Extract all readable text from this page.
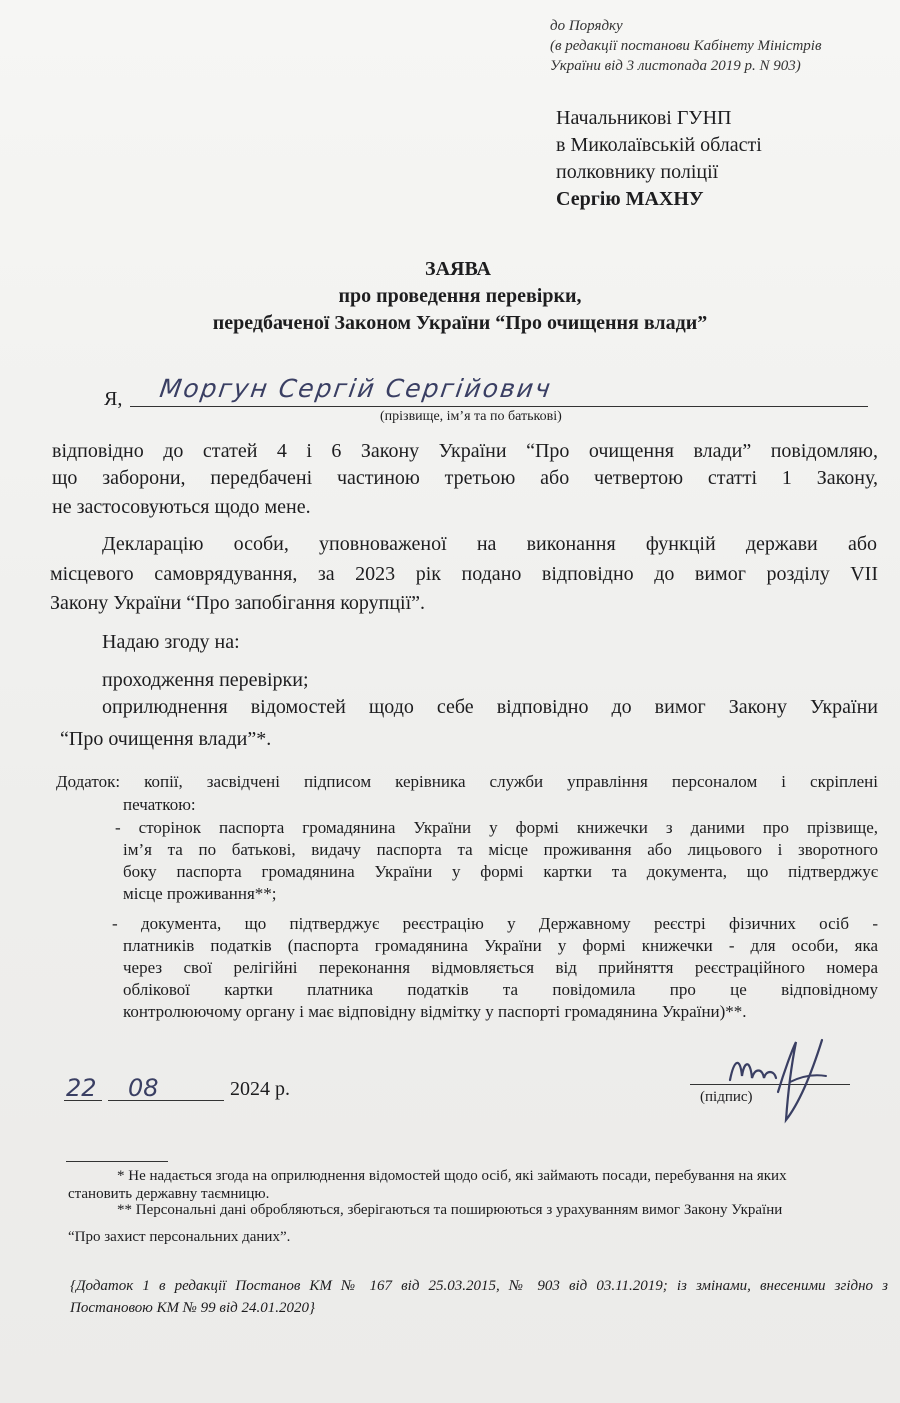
до Порядку
(в редакції постанови Кабінету Міністрів
України від 3 листопада 2019 р. N 903)
Начальникові ГУНП
в Миколаївській області
полковнику поліції
Сергію МАХНУ
ЗАЯВА
про проведення перевірки,
передбаченої Законом України “Про очищення влади”
Я, Моргун Сергій Сергійович
(прізвище, ім’я та по батькові)
відповідно до статей 4 і 6 Закону України “Про очищення влади” повідомляю,
що заборони, передбачені частиною третьою або четвертою статті 1 Закону,
не застосовуються щодо мене.
Декларацію особи, уповноваженої на виконання функцій держави або
місцевого самоврядування, за 2023 рік подано відповідно до вимог розділу VII
Закону України “Про запобігання корупції”.
Надаю згоду на:
проходження перевірки;
оприлюднення відомостей щодо себе відповідно до вимог Закону України
“Про очищення влади”*.
Додаток: копії, засвідчені підписом керівника служби управління персоналом і скріплені
печаткою:
- сторінок паспорта громадянина України у формі книжечки з даними про прізвище,
ім’я та по батькові, видачу паспорта та місце проживання або лицьового і зворотного
боку паспорта громадянина України у формі картки та документа, що підтверджує
місце проживання**;
- документа, що підтверджує реєстрацію у Державному реєстрі фізичних осіб -
платників податків (паспорта громадянина України у формі книжечки - для особи, яка
через свої релігійні переконання відмовляється від прийняття реєстраційного номера
облікової картки платника податків та повідомила про це відповідному
контролюючому органу і має відповідну відмітку у паспорті громадянина України)**.
22 08	2024 р.	(підпис)
* Не надається згода на оприлюднення відомостей щодо осіб, які займають посади, перебування на яких
становить державну таємницю.
** Персональні дані обробляються, зберігаються та поширюються з урахуванням вимог Закону України
“Про захист персональних даних”.
{Додаток 1 в редакції Постанов КМ № 167 від 25.03.2015, № 903 від 03.11.2019; із змінами, внесеними згідно з
Постановою КМ № 99 від 24.01.2020}
